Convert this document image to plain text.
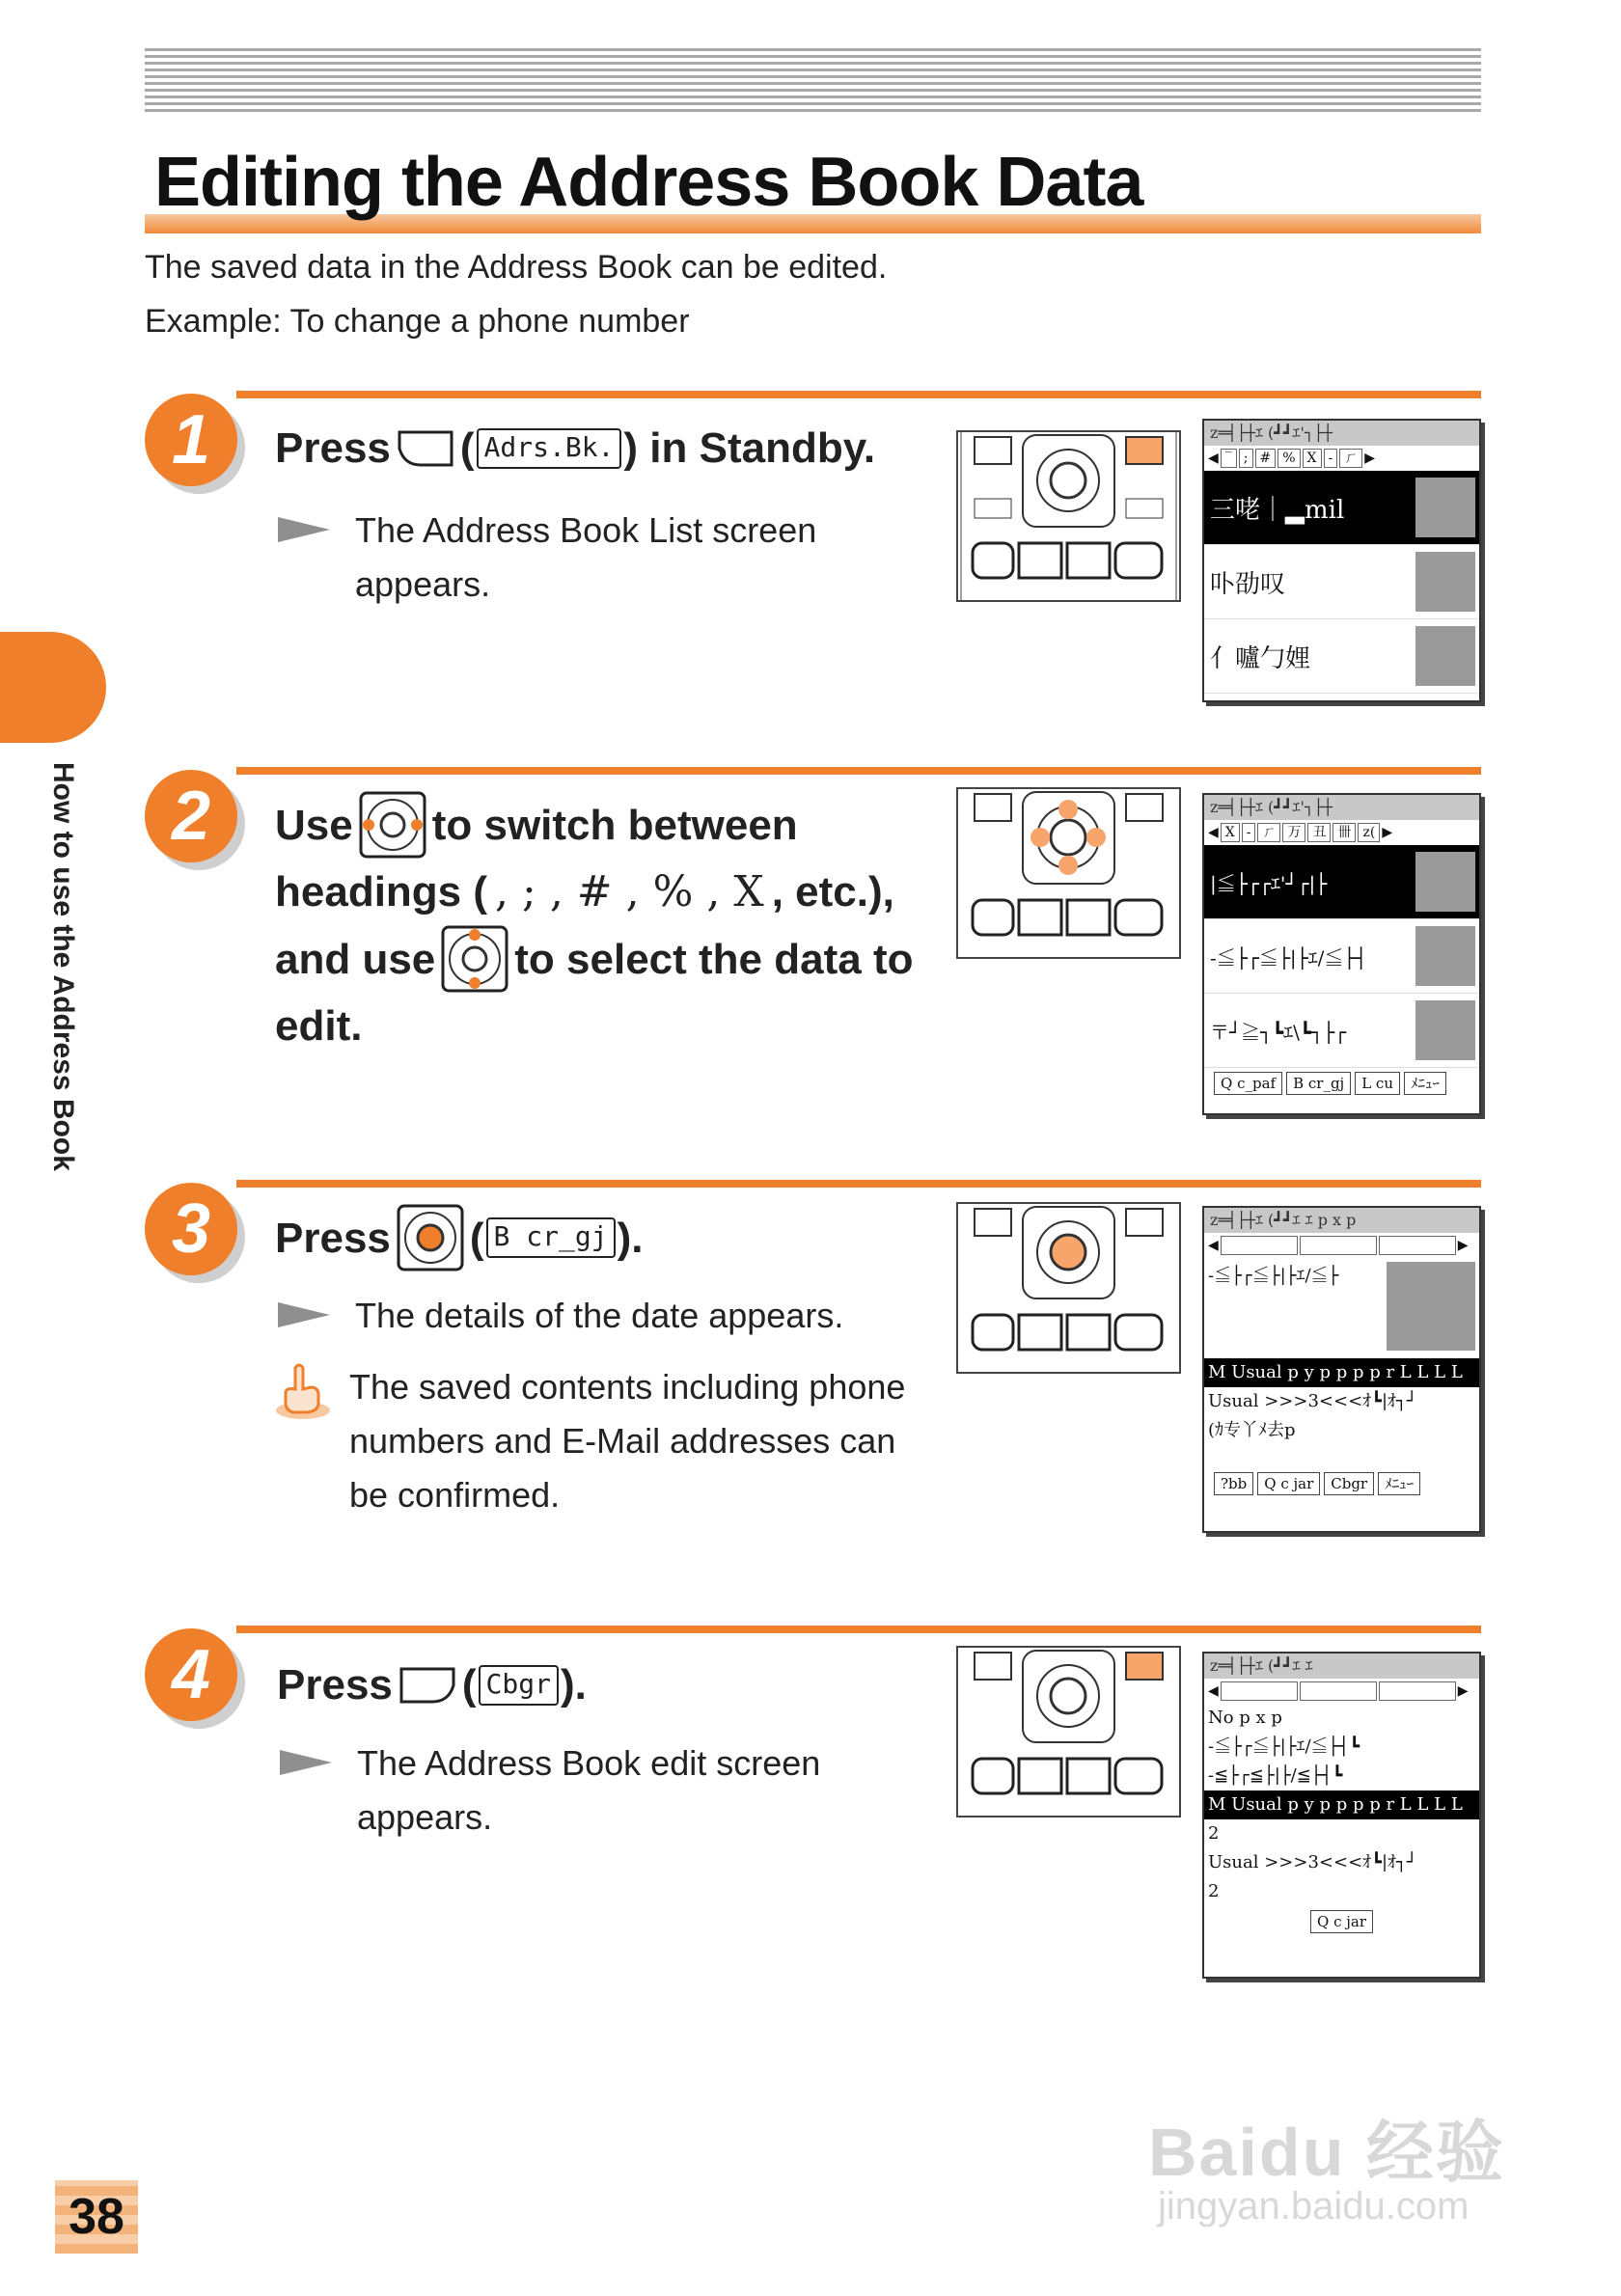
Editing the Address Book Data
The saved data in the Address Book can be edited.
Example: To change a phone number
How to use the Address Book
1	Press ( Adrs.Bk. ) in Standby.
The Address Book List screen
appears.
z═╡├┼ｴ (┛┛ｴ'┐├┼
◀ ‾ ; # % X - ㄏ ▶
三咾｜▂mil
卟劭叹
亻嚧勹娌
2	Use to switch between
headings ( , ; , # , % , X , etc.),
and use to select the data to
edit.
z═╡├┼ｴ (┛┛ｴ'┐├┼
◀ X - ㄏ 万 丑 卌 z( ▶
|≦├┌┌ｴ'┘┌|├
-≦├┌≦├|├ｴ/≦├┤
〒┘≧┐┗ｴ\┗┐├┌
Q c_paf	B cr_gj	L cu	ﾒﾆｭｰ
3	Press ( B cr_gj ).
The details of the date appears.
The saved contents including phone
numbers and E-Mail addresses can
be confirmed.
z═╡├┼ｴ (┛┛ｴ ｴ p x p
◀	▶
-≦├┌≦├|├ｴ/≦├
M Usual p y p p p p r L L L L
Usual >>>3<<<ｵ┗|ｵ┐┘
(ｶ专丫ﾒ去p
?bb	Q c jar	Cbgr	ﾒﾆｭｰ
4	Press ( Cbgr ).
The Address Book edit screen
appears.
z═╡├┼ｴ (┛┛ｴ ｴ
◀	▶
No p x p
-≦├┌≦├|├ｴ/≦├┤┗
-≦├┌≦├|├/≦├┤┗
M Usual p y p p p p r L L L L
2
Usual >>>3<<<ｵ┗|ｵ┐┘
2
Q c jar
38
Baidu 经验
jingyan.baidu.com
